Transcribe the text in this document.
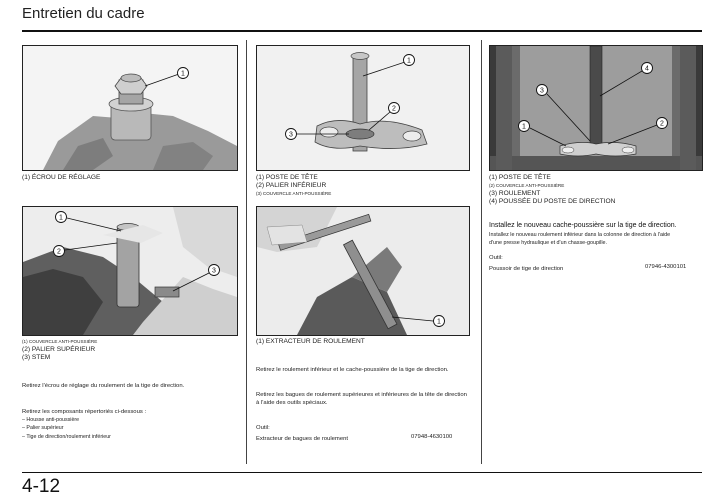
Entretien du cadre
1
(1) ÉCROU DE RÉGLAGE
1
2
3
(1) COUVERCLE ANTI-POUSSIÈRE
(2) PALIER SUPÉRIEUR
(3) STEM
Retirez l'écrou de réglage du roulement de la tige de direction.
Retirez les composants répertoriés ci-dessous :
– Housse anti-poussière
– Palier supérieur
– Tige de direction/roulement inférieur
1
2
3
(1) POSTE DE TÊTE
(2) PALIER INFÉRIEUR
(3) COUVERCLE ANTI-POUSSIÈRE
1
(1) EXTRACTEUR DE ROULEMENT
Retirez le roulement inférieur et le cache-poussière de la tige de direction.
Retirez les bagues de roulement supérieures et inférieures de la tête de direction
à l'aide des outils spéciaux.
Outil:
Extracteur de bagues de roulement	07948-4630100
4
3
1	2
(1) POSTE DE TÊTE
(2) COUVERCLE ANTI-POUSSIÈRE
(3) ROULEMENT
(4) POUSSÉE DU POSTE DE DIRECTION
Installez le nouveau cache-poussière sur la tige de direction.
Installez le nouveau roulement inférieur dans la colonne de direction à l'aide
d'une presse hydraulique et d'un chasse-goupille.
Outil:
Poussoir de tige de direction	07946-4300101
4-12
